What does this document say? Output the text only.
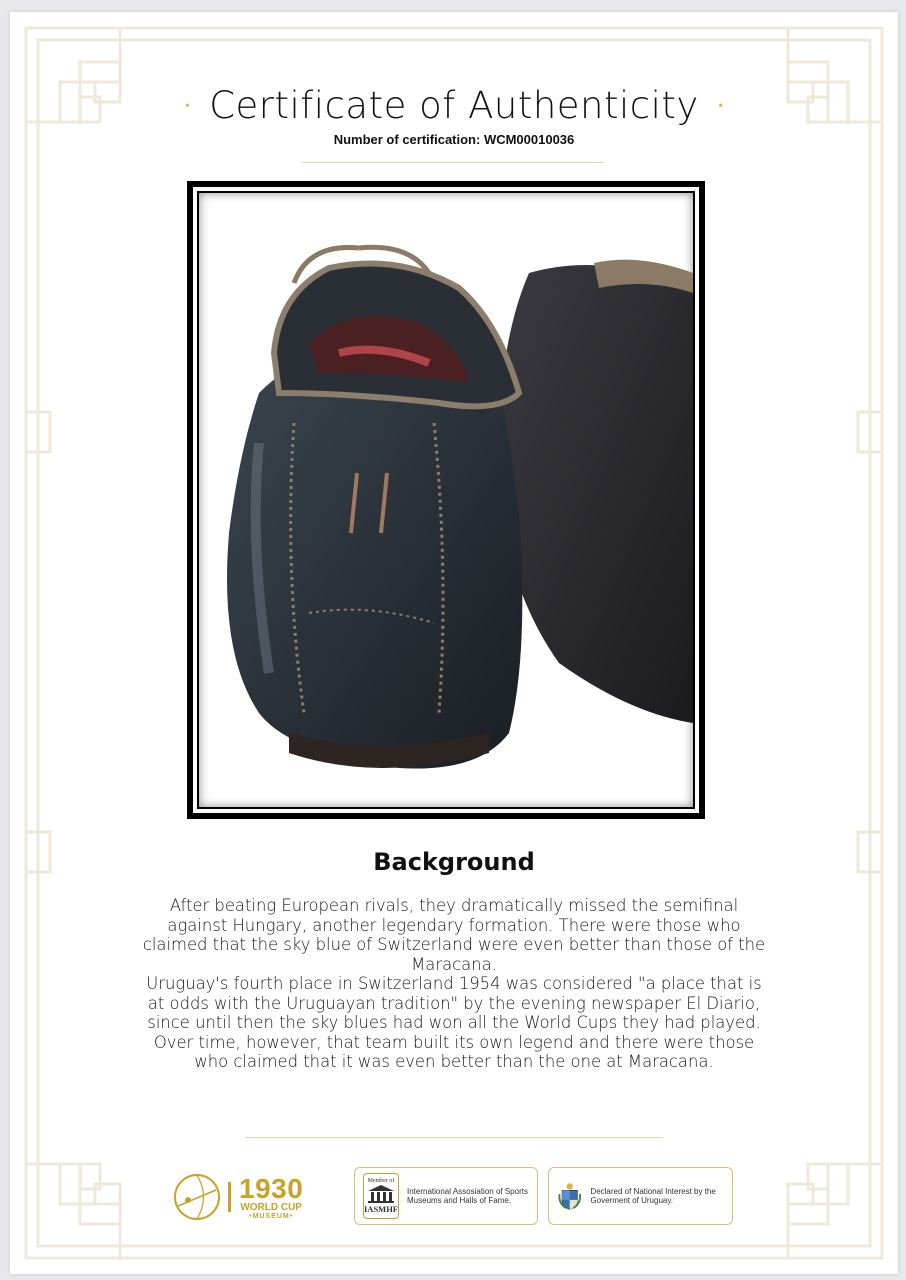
⋆ Certificate of Authenticity ⋆
Number of certification: WCM00010036
Background

After beating European rivals, they dramatically missed the semifinal against Hungary, another legendary formation. There were those who claimed that the sky blue of Switzerland were even better than those of the Maracana.

Uruguay's fourth place in Switzerland 1954 was considered "a place that is at odds with the Uruguayan tradition" by the evening newspaper El Diario, since until then the sky blues had won all the World Cups they had played. Over time, however, that team built its own legend and there were those who claimed that it was even better than the one at Maracana.

1930
WORLD CUP
•MUSEUM•
Member of
IASMHF
International Assosiation of Sports Museums and Halls of Fame.
Declared of National Interest by the Goverment of Uruguay.
